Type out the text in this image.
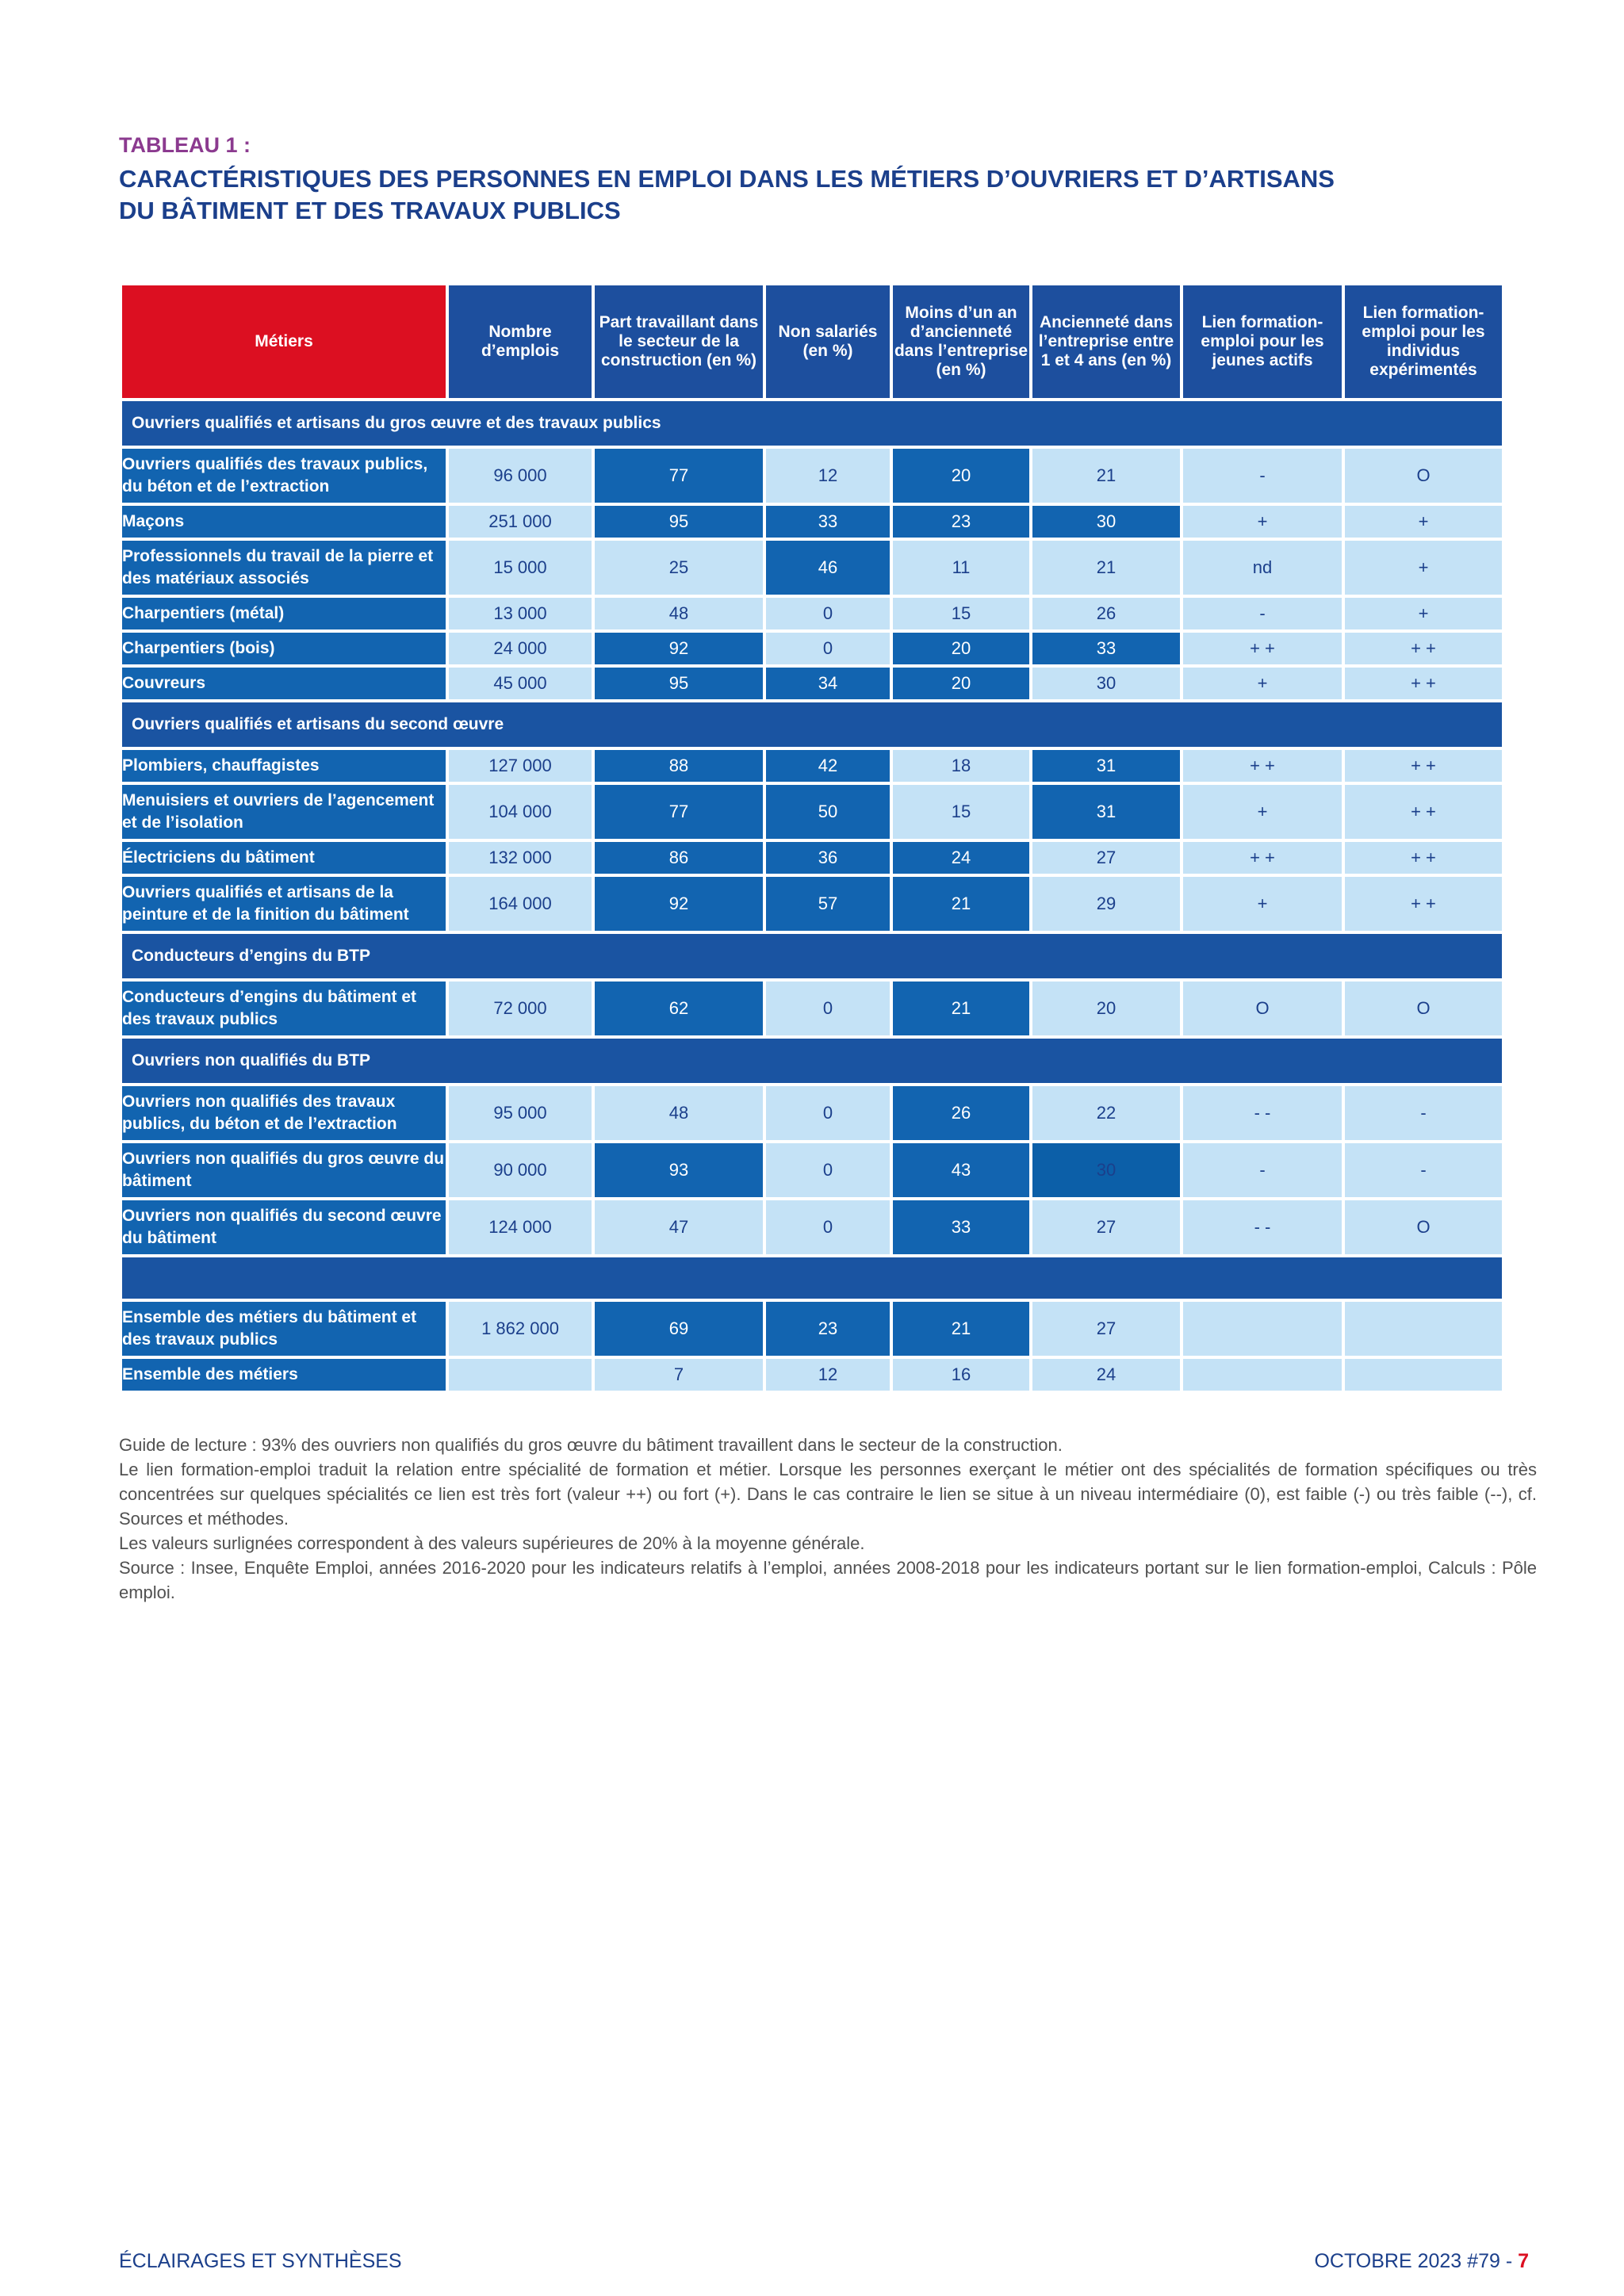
TABLEAU 1 :
CARACTÉRISTIQUES DES PERSONNES EN EMPLOI DANS LES MÉTIERS D’OUVRIERS ET D’ARTISANS
DU BÂTIMENT ET DES TRAVAUX PUBLICS
Métiers	Nombre d’emplois	Part travaillant dans le secteur de la construction (en %)	Non salariés (en %)	Moins d’un an d’ancienneté dans l’entreprise (en %)	Ancienneté dans l’entreprise entre 1 et 4 ans (en %)	Lien formation-emploi pour les jeunes actifs	Lien formation-emploi pour les individus expérimentés
Ouvriers qualifiés et artisans du gros œuvre et des travaux publics							
Ouvriers qualifiés des travaux publics, du béton et de l’extraction	96 000	77	12	20	21	-	O
Maçons	251 000	95	33	23	30	+	+
Professionnels du travail de la pierre et des matériaux associés	15 000	25	46	11	21	nd	+
Charpentiers (métal)	13 000	48	0	15	26	-	+
Charpentiers (bois)	24 000	92	0	20	33	+ +	+ +
Couvreurs	45 000	95	34	20	30	+	+ +
Ouvriers qualifiés et artisans du second œuvre							
Plombiers, chauffagistes	127 000	88	42	18	31	+ +	+ +
Menuisiers et ouvriers de l’agencement et de l’isolation	104 000	77	50	15	31	+	+ +
Électriciens du bâtiment	132 000	86	36	24	27	+ +	+ +
Ouvriers qualifiés et artisans de la peinture et de la finition du bâtiment	164 000	92	57	21	29	+	+ +
Conducteurs d’engins du BTP							
Conducteurs d’engins du bâtiment et des travaux publics	72 000	62	0	21	20	O	O
Ouvriers non qualifiés du BTP							
Ouvriers non qualifiés des travaux publics, du béton et de l’extraction	95 000	48	0	26	22	- -	-
Ouvriers non qualifiés du gros œuvre du bâtiment	90 000	93	0	43	30	-	-
Ouvriers non qualifiés du second œuvre du bâtiment	124 000	47	0	33	27	- -	O

Ensemble des métiers du bâtiment et des travaux publics	1 862 000	69	23	21	27		
Ensemble des métiers		7	12	16	24		
Guide de lecture : 93% des ouvriers non qualifiés du gros œuvre du bâtiment travaillent dans le secteur de la construction.
Le lien formation-emploi traduit la relation entre spécialité de formation et métier. Lorsque les personnes exerçant le métier ont des spécialités de formation spécifiques ou très concentrées sur quelques spécialités ce lien est très fort (valeur ++) ou fort (+). Dans le cas contraire le lien se situe à un niveau intermédiaire (0), est faible (-) ou très faible (--), cf. Sources et méthodes.
Les valeurs surlignées correspondent à des valeurs supérieures de 20% à la moyenne générale.
Source : Insee, Enquête Emploi, années 2016-2020 pour les indicateurs relatifs à l’emploi, années 2008-2018 pour les indicateurs portant sur le lien formation-emploi, Calculs : Pôle emploi.
ÉCLAIRAGES ET SYNTHÈSES	OCTOBRE 2023 #79 - 7
